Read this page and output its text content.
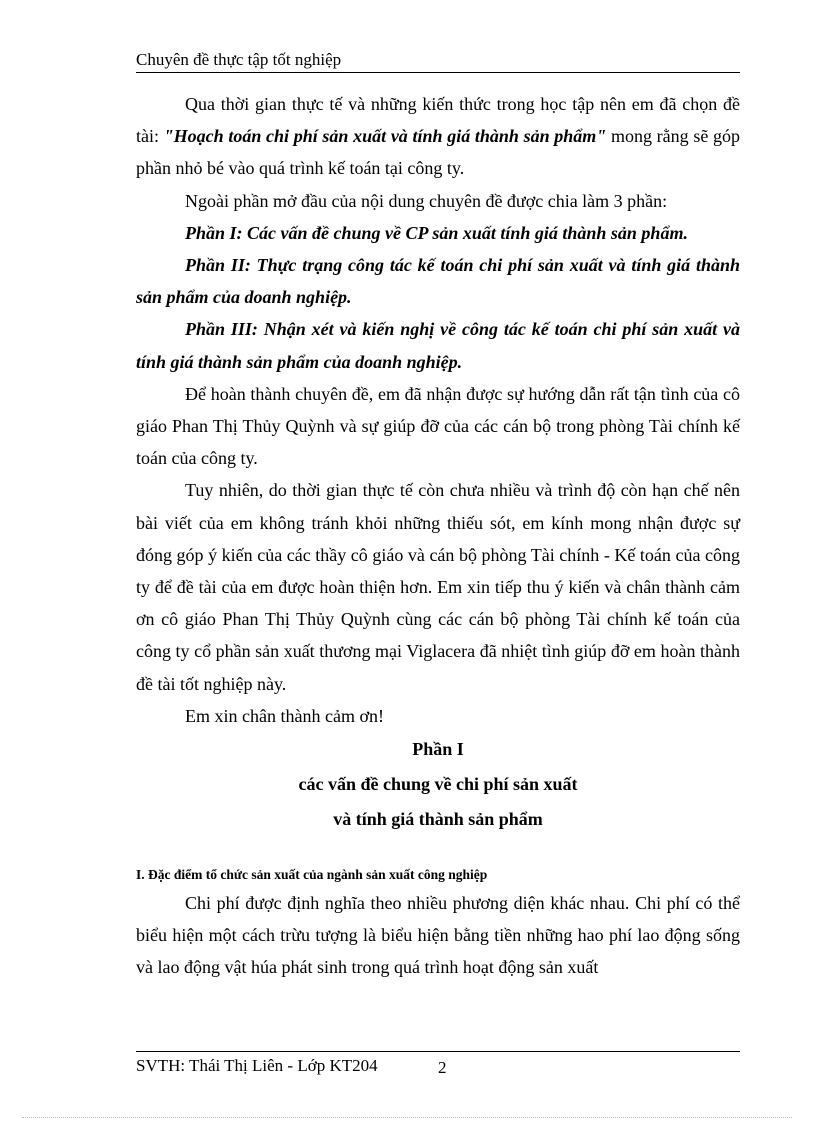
Chuyên đề thực tập tốt nghiệp

Qua thời gian thực tế và những kiến thức trong học tập nên em đã chọn đề tài: "Hoạch toán chi phí sản xuất và tính giá thành sản phẩm" mong rằng sẽ góp phần nhỏ bé vào quá trình kế toán tại công ty.

Ngoài phần mở đầu của nội dung chuyên đề được chia làm 3 phần:

Phần I: Các vấn đề chung về CP sản xuất tính giá thành sản phẩm.

Phần II: Thực trạng công tác kế toán chi phí sản xuất và tính giá thành sản phẩm của doanh nghiệp.

Phần III: Nhận xét và kiến nghị về công tác kế toán chi phí sản xuất và tính giá thành sản phẩm của doanh nghiệp.

Để hoàn thành chuyên đề, em đã nhận được sự hướng dẫn rất tận tình của cô giáo Phan Thị Thủy Quỳnh và sự giúp đỡ của các cán bộ trong phòng Tài chính kế toán của công ty.

Tuy nhiên, do thời gian thực tế còn chưa nhiều và trình độ còn hạn chế nên bài viết của em không tránh khỏi những thiếu sót, em kính mong nhận được sự đóng góp ý kiến của các thầy cô giáo và cán bộ phòng Tài chính - Kế toán của công ty để đề tài của em được hoàn thiện hơn. Em xin tiếp thu ý kiến và chân thành cảm ơn cô giáo Phan Thị Thủy Quỳnh cùng các cán bộ phòng Tài chính kế toán của công ty cổ phần sản xuất thương mại Viglacera đã nhiệt tình giúp đỡ em hoàn thành đề tài tốt nghiệp này.

Em xin chân thành cảm ơn!

Phần I

các vấn đề chung về chi phí sản xuất

và tính giá thành sản phẩm

I. Đặc điểm tổ chức sản xuất của ngành sản xuất công nghiệp

Chi phí được định nghĩa theo nhiều phương diện khác nhau. Chi phí có thể biểu hiện một cách trừu tượng là biểu hiện bằng tiền những hao phí lao động sống và lao động vật húa phát sinh trong quá trình hoạt động sản xuất

SVTH: Thái Thị Liên - Lớp KT204	2
